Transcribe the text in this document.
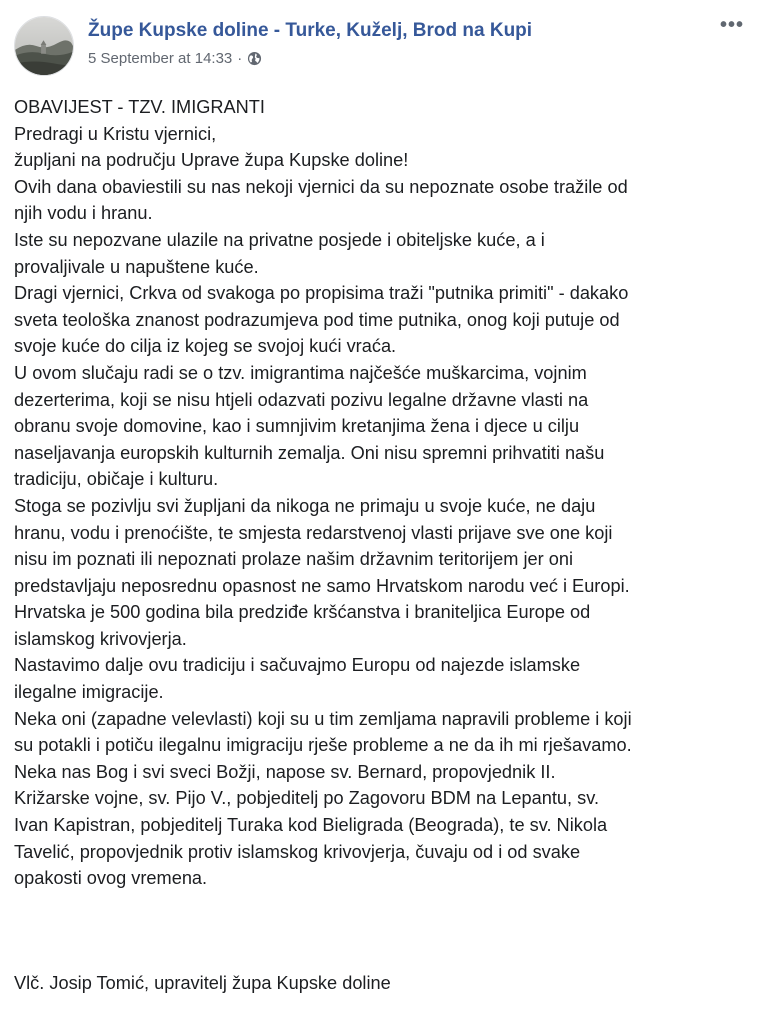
Župe Kupske doline - Turke, Kuželj, Brod na Kupi
5 September at 14:33 ·
•••
OBAVIJEST - TZV. IMIGRANTI
Predragi u Kristu vjernici,
župljani na području Uprave župa Kupske doline!
Ovih dana obaviestili su nas nekoji vjernici da su nepoznate osobe tražile od
njih vodu i hranu.
Iste su nepozvane ulazile na privatne posjede i obiteljske kuće, a i
provaljivale u napuštene kuće.
Dragi vjernici, Crkva od svakoga po propisima traži "putnika primiti" - dakako
sveta teološka znanost podrazumjeva pod time putnika, onog koji putuje od
svoje kuće do cilja iz kojeg se svojoj kući vraća.
U ovom slučaju radi se o tzv. imigrantima najčešće muškarcima, vojnim
dezerterima, koji se nisu htjeli odazvati pozivu legalne državne vlasti na
obranu svoje domovine, kao i sumnjivim kretanjima žena i djece u cilju
naseljavanja europskih kulturnih zemalja. Oni nisu spremni prihvatiti našu
tradiciju, običaje i kulturu.
Stoga se pozivlju svi župljani da nikoga ne primaju u svoje kuće, ne daju
hranu, vodu i prenoćište, te smjesta redarstvenoj vlasti prijave sve one koji
nisu im poznati ili nepoznati prolaze našim državnim teritorijem jer oni
predstavljaju neposrednu opasnost ne samo Hrvatskom narodu već i Europi.
Hrvatska je 500 godina bila predziđe kršćanstva i braniteljica Europe od
islamskog krivovjerja.
Nastavimo dalje ovu tradiciju i sačuvajmo Europu od najezde islamske
ilegalne imigracije.
Neka oni (zapadne velevlasti) koji su u tim zemljama napravili probleme i koji
su potakli i potiču ilegalnu imigraciju rješe probleme a ne da ih mi rješavamo.
Neka nas Bog i svi sveci Božji, napose sv. Bernard, propovjednik II.
Križarske vojne, sv. Pijo V., pobjeditelj po Zagovoru BDM na Lepantu, sv.
Ivan Kapistran, pobjeditelj Turaka kod Bieligrada (Beograda), te sv. Nikola
Tavelić, propovjednik protiv islamskog krivovjerja, čuvaju od i od svake
opakosti ovog vremena.
Vlč. Josip Tomić, upravitelj župa Kupske doline
